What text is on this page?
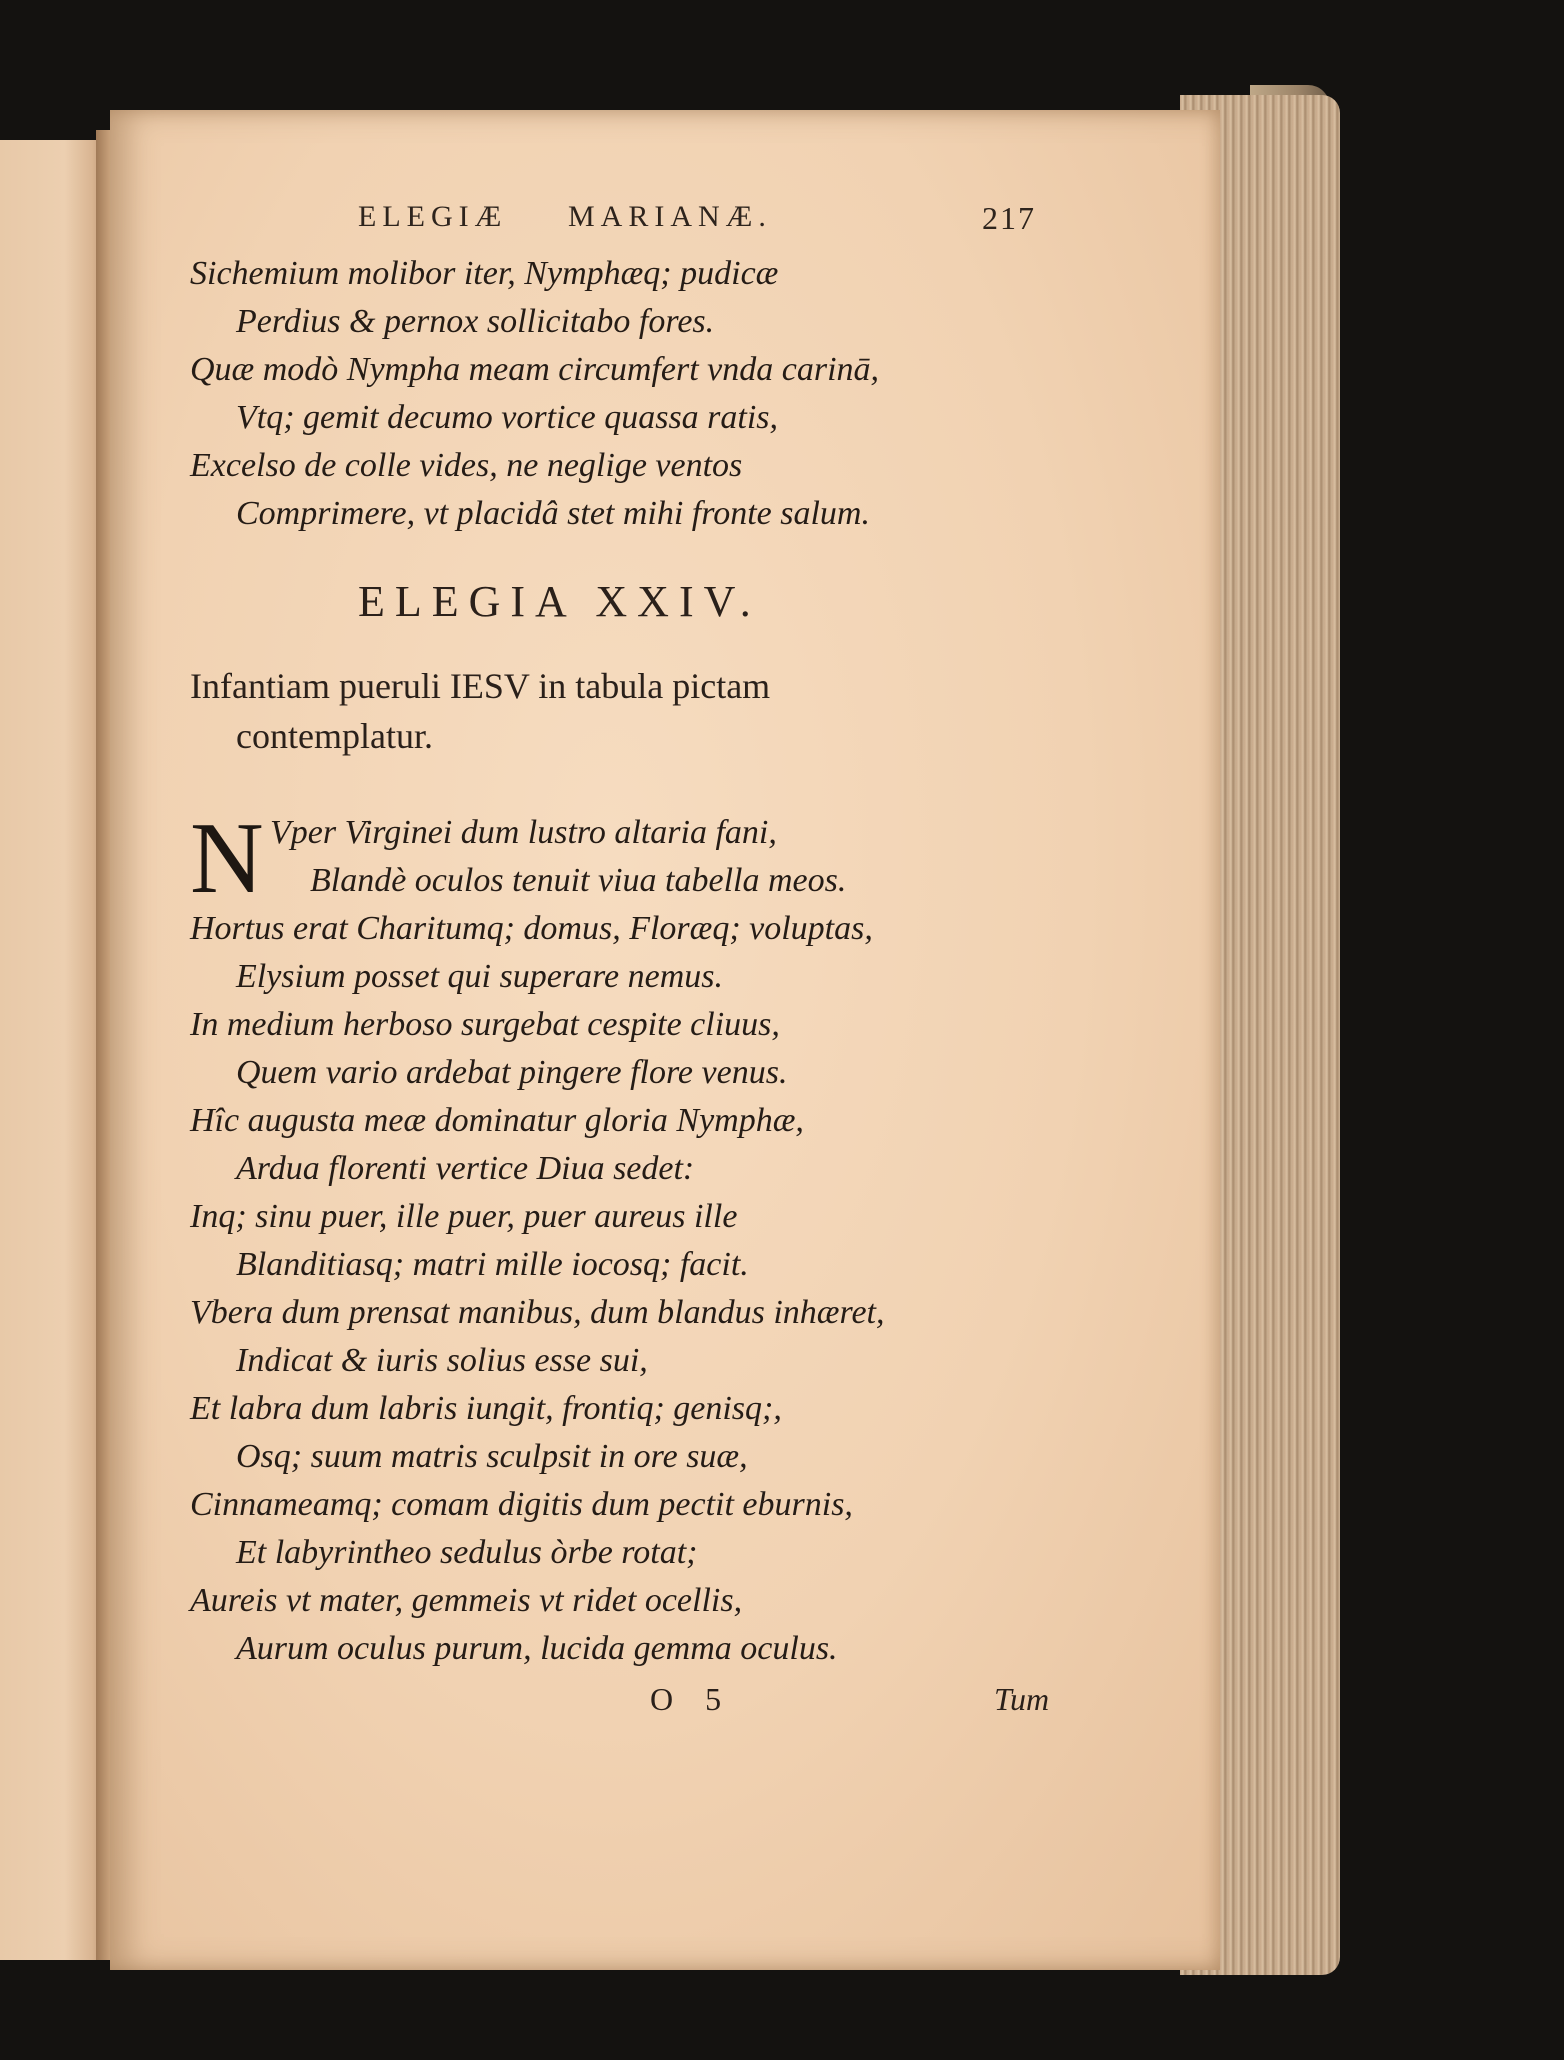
ELEGIÆ MARIANÆ.	217
Sichemium molibor iter, Nymphæq; pudicæ
Perdius & pernox sollicitabo fores.
Quæ modò Nympha meam circumfert vnda carinā,
Vtq; gemit decumo vortice quassa ratis,
Excelso de colle vides, ne neglige ventos
Comprimere, vt placidâ stet mihi fronte salum.
ELEGIA XXIV.
Infantiam pueruli IESV in tabula pictam
contemplatur.
N Vper Virginei dum lustro altaria fani,
Blandè oculos tenuit viua tabella meos.
Hortus erat Charitumq; domus, Floræq; voluptas,
Elysium posset qui superare nemus.
In medium herboso surgebat cespite cliuus,
Quem vario ardebat pingere flore venus.
Hîc augusta meæ dominatur gloria Nymphæ,
Ardua florenti vertice Diua sedet:
Inq; sinu puer, ille puer, puer aureus ille
Blanditiasq; matri mille iocosq; facit.
Vbera dum prensat manibus, dum blandus inhæret,
Indicat & iuris solius esse sui,
Et labra dum labris iungit, frontiq; genisq;,
Osq; suum matris sculpsit in ore suæ,
Cinnameamq; comam digitis dum pectit eburnis,
Et labyrintheo sedulus òrbe rotat;
Aureis vt mater, gemmeis vt ridet ocellis,
Aurum oculus purum, lucida gemma oculus.
O 5	Tum
